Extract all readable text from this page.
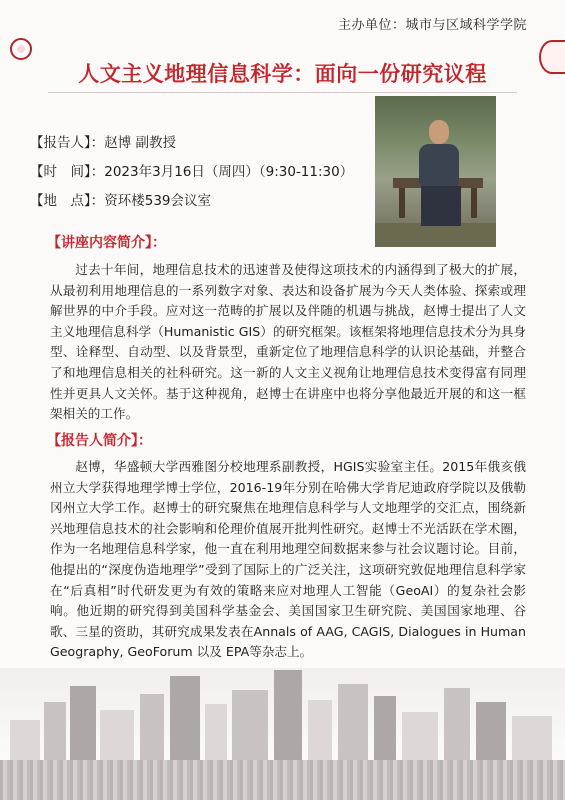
主办单位：城市与区域科学学院
人文主义地理信息科学：面向一份研究议程
【报告人】：赵博 副教授
【时　间】：2023年3月16日（周四）（9:30-11:30）
【地　点】：资环楼539会议室
【讲座内容简介】：

过去十年间，地理信息技术的迅速普及使得这项技术的内涵得到了极大的扩展，从最初利用地理信息的一系列数字对象、表达和设备扩展为今天人类体验、探索或理解世界的中介手段。应对这一范畴的扩展以及伴随的机遇与挑战，赵博士提出了人文主义地理信息科学（Humanistic GIS）的研究框架。该框架将地理信息技术分为具身型、诠释型、自动型、以及背景型，重新定位了地理信息科学的认识论基础，并整合了和地理信息相关的社科研究。这一新的人文主义视角让地理信息技术变得富有同理性并更具人文关怀。基于这种视角，赵博士在讲座中也将分享他最近开展的和这一框架相关的工作。

【报告人简介】：

赵博，华盛顿大学西雅图分校地理系副教授，HGIS实验室主任。2015年俄亥俄州立大学获得地理学博士学位，2016-19年分别在哈佛大学肯尼迪政府学院以及俄勒冈州立大学工作。赵博士的研究聚焦在地理信息科学与人文地理学的交汇点，围绕新兴地理信息技术的社会影响和伦理价值展开批判性研究。赵博士不光活跃在学术圈，作为一名地理信息科学家，他一直在利用地理空间数据来参与社会议题讨论。目前，他提出的“深度伪造地理学”受到了国际上的广泛关注，这项研究敦促地理信息科学家在“后真相”时代研发更为有效的策略来应对地理人工智能（GeoAI）的复杂社会影响。他近期的研究得到美国科学基金会、美国国家卫生研究院、美国国家地理、谷歌、三星的资助，其研究成果发表在Annals of AAG, CAGIS, Dialogues in Human Geography, GeoForum 以及 EPA等杂志上。
